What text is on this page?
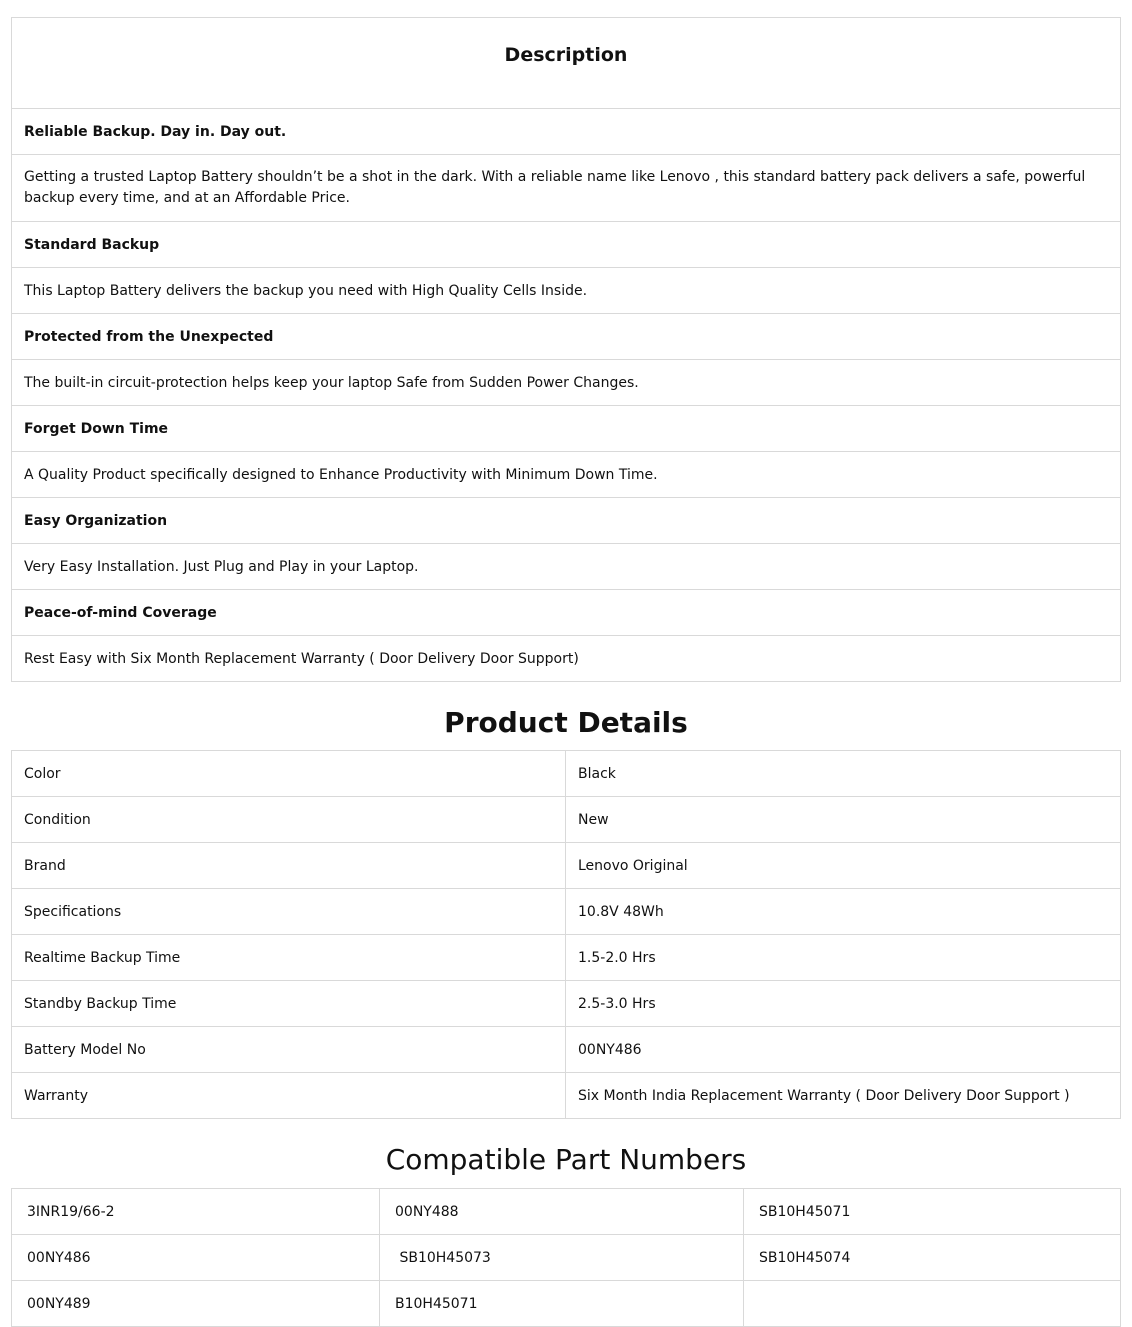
Description
Reliable Backup. Day in. Day out.
Getting a trusted Laptop Battery shouldn’t be a shot in the dark. With a reliable name like Lenovo , this standard battery pack delivers a safe, powerful backup every time, and at an Affordable Price.
Standard Backup
This Laptop Battery delivers the backup you need with High Quality Cells Inside.
Protected from the Unexpected
The built-in circuit-protection helps keep your laptop Safe from Sudden Power Changes.
Forget Down Time
A Quality Product specifically designed to Enhance Productivity with Minimum Down Time.
Easy Organization
Very Easy Installation. Just Plug and Play in your Laptop.
Peace-of-mind Coverage
Rest Easy with Six Month Replacement Warranty ( Door Delivery Door Support)
Product Details
Color	Black
Condition	New
Brand	Lenovo Original
Specifications	10.8V 48Wh
Realtime Backup Time	1.5-2.0 Hrs
Standby Backup Time	2.5-3.0 Hrs
Battery Model No	00NY486
Warranty	Six Month India Replacement Warranty ( Door Delivery Door Support )
Compatible Part Numbers
3INR19/66-2	00NY488	SB10H45071
00NY486	SB10H45073	SB10H45074
00NY489	B10H45071	
